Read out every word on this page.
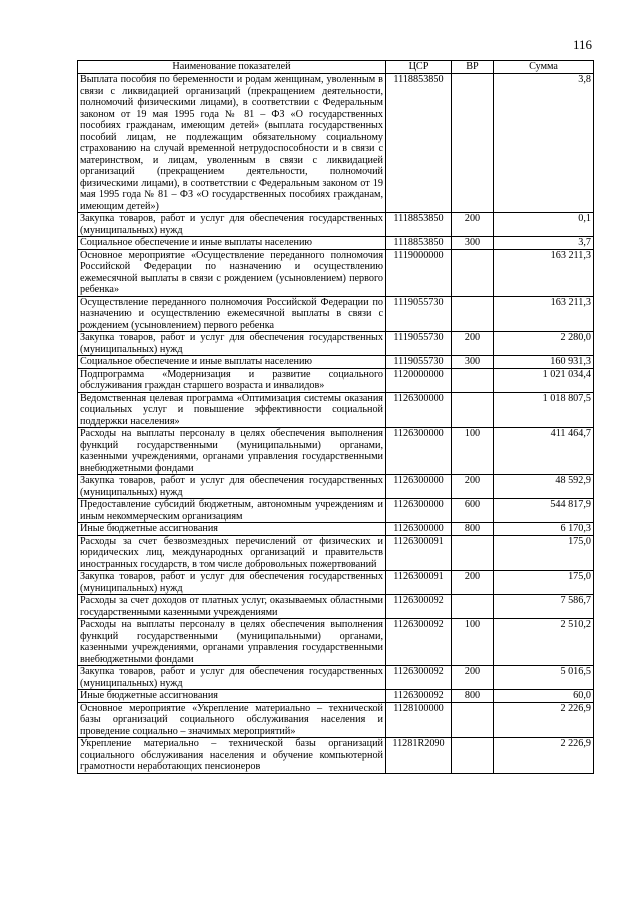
116
Наименование показателей	ЦСР	ВР	Сумма
Выплата пособия по беременности и родам женщинам, уволенным в связи с ликвидацией организаций (прекращением деятельности, полномочий физическими лицами), в соответствии с Федеральным законом от 19 мая 1995 года № 81 – ФЗ «О государственных пособиях гражданам, имеющим детей» (выплата государственных пособий лицам, не подлежащим обязательному социальному страхованию на случай временной нетрудоспособности и в связи с материнством, и лицам, уволенным в связи с ликвидацией организаций (прекращением деятельности, полномочий физическими лицами), в соответствии с Федеральным законом от 19 мая 1995 года № 81 – ФЗ «О государственных пособиях гражданам, имеющим детей»)	1118853850		3,8
Закупка товаров, работ и услуг для обеспечения государственных (муниципальных) нужд	1118853850	200	0,1
Социальное обеспечение и иные выплаты населению	1118853850	300	3,7
Основное мероприятие «Осуществление переданного полномочия Российской Федерации по назначению и осуществлению ежемесячной выплаты в связи с рождением (усыновлением) первого ребенка»	1119000000		163 211,3
Осуществление переданного полномочия Российской Федерации по назначению и осуществлению ежемесячной выплаты в связи с рождением (усыновлением) первого ребенка	1119055730		163 211,3
Закупка товаров, работ и услуг для обеспечения государственных (муниципальных) нужд	1119055730	200	2 280,0
Социальное обеспечение и иные выплаты населению	1119055730	300	160 931,3
Подпрограмма «Модернизация и развитие социального обслуживания граждан старшего возраста и инвалидов»	1120000000		1 021 034,4
Ведомственная целевая программа «Оптимизация системы оказания социальных услуг и повышение эффективности социальной поддержки населения»	1126300000		1 018 807,5
Расходы на выплаты персоналу в целях обеспечения выполнения функций государственными (муниципальными) органами, казенными учреждениями, органами управления государственными внебюджетными фондами	1126300000	100	411 464,7
Закупка товаров, работ и услуг для обеспечения государственных (муниципальных) нужд	1126300000	200	48 592,9
Предоставление субсидий бюджетным, автономным учреждениям и иным некоммерческим организациям	1126300000	600	544 817,9
Иные бюджетные ассигнования	1126300000	800	6 170,3
Расходы за счет безвозмездных перечислений от физических и юридических лиц, международных организаций и правительств иностранных государств, в том числе добровольных пожертвований	1126300091		175,0
Закупка товаров, работ и услуг для обеспечения государственных (муниципальных) нужд	1126300091	200	175,0
Расходы за счет доходов от платных услуг, оказываемых областными государственными казенными учреждениями	1126300092		7 586,7
Расходы на выплаты персоналу в целях обеспечения выполнения функций государственными (муниципальными) органами, казенными учреждениями, органами управления государственными внебюджетными фондами	1126300092	100	2 510,2
Закупка товаров, работ и услуг для обеспечения государственных (муниципальных) нужд	1126300092	200	5 016,5
Иные бюджетные ассигнования	1126300092	800	60,0
Основное мероприятие «Укрепление материально – технической базы организаций социального обслуживания населения и проведение социально – значимых мероприятий»	1128100000		2 226,9
Укрепление материально – технической базы организаций социального обслуживания населения и обучение компьютерной грамотности неработающих пенсионеров	11281R2090		2 226,9
